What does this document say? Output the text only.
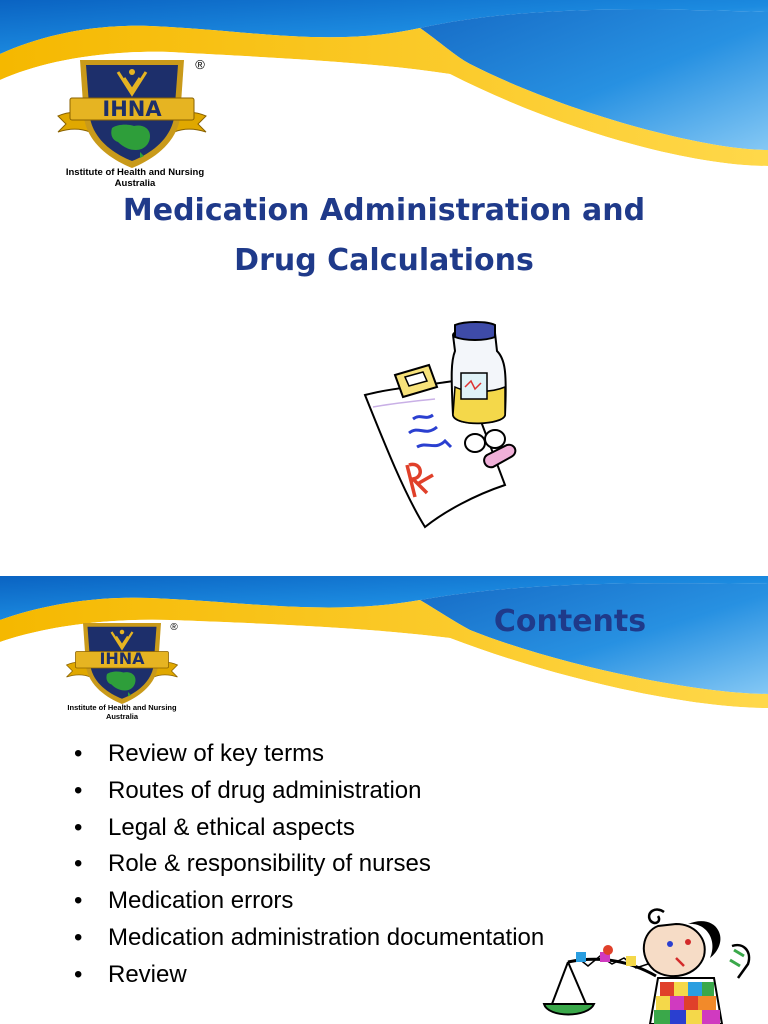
IHNA
®
Institute of Health and Nursing
Australia
Medication Administration and
Drug Calculations
IHNA
®
Institute of Health and Nursing
Australia
Contents
• Review of key terms
• Routes of drug administration
• Legal & ethical aspects
• Role & responsibility of nurses
• Medication errors
• Medication administration documentation
• Review
